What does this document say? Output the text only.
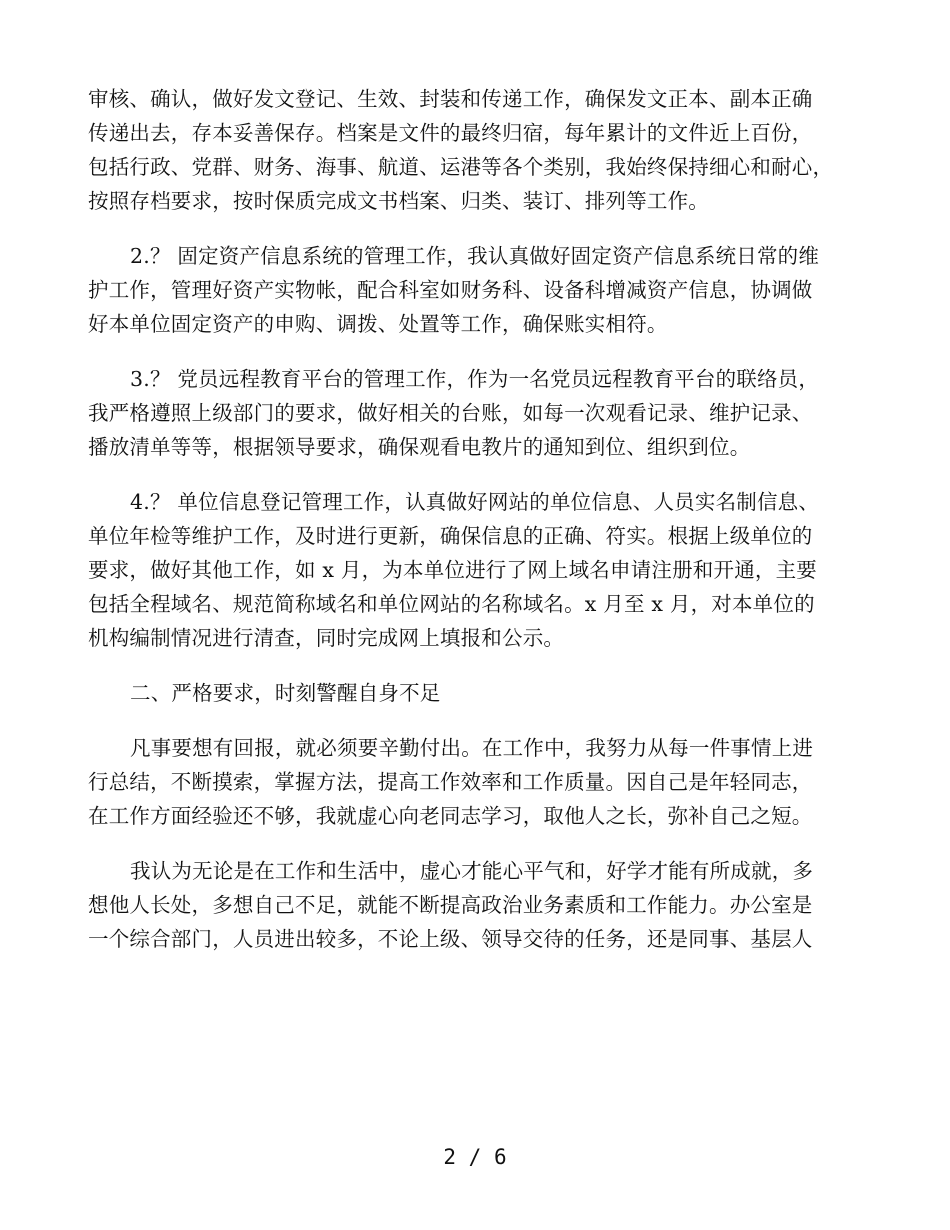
审核、确认，做好发文登记、生效、封装和传递工作，确保发文正本、副本正确
传递出去，存本妥善保存。档案是文件的最终归宿，每年累计的文件近上百份，
包括行政、党群、财务、海事、航道、运港等各个类别，我始终保持细心和耐心，
按照存档要求，按时保质完成文书档案、归类、装订、排列等工作。
2.？ 固定资产信息系统的管理工作，我认真做好固定资产信息系统日常的维
护工作，管理好资产实物帐，配合科室如财务科、设备科增减资产信息，协调做
好本单位固定资产的申购、调拨、处置等工作，确保账实相符。
3.？ 党员远程教育平台的管理工作，作为一名党员远程教育平台的联络员，
我严格遵照上级部门的要求，做好相关的台账，如每一次观看记录、维护记录、
播放清单等等，根据领导要求，确保观看电教片的通知到位、组织到位。
4.？ 单位信息登记管理工作，认真做好网站的单位信息、人员实名制信息、
单位年检等维护工作，及时进行更新，确保信息的正确、符实。根据上级单位的
要求，做好其他工作，如 x 月，为本单位进行了网上域名申请注册和开通，主要
包括全程域名、规范简称域名和单位网站的名称域名。x 月至 x 月，对本单位的
机构编制情况进行清查，同时完成网上填报和公示。
二、严格要求，时刻警醒自身不足
凡事要想有回报，就必须要辛勤付出。在工作中，我努力从每一件事情上进
行总结，不断摸索，掌握方法，提高工作效率和工作质量。因自己是年轻同志，
在工作方面经验还不够，我就虚心向老同志学习，取他人之长，弥补自己之短。
我认为无论是在工作和生活中，虚心才能心平气和，好学才能有所成就，多
想他人长处，多想自己不足，就能不断提高政治业务素质和工作能力。办公室是
一个综合部门，人员进出较多，不论上级、领导交待的任务，还是同事、基层人
2 / 6
